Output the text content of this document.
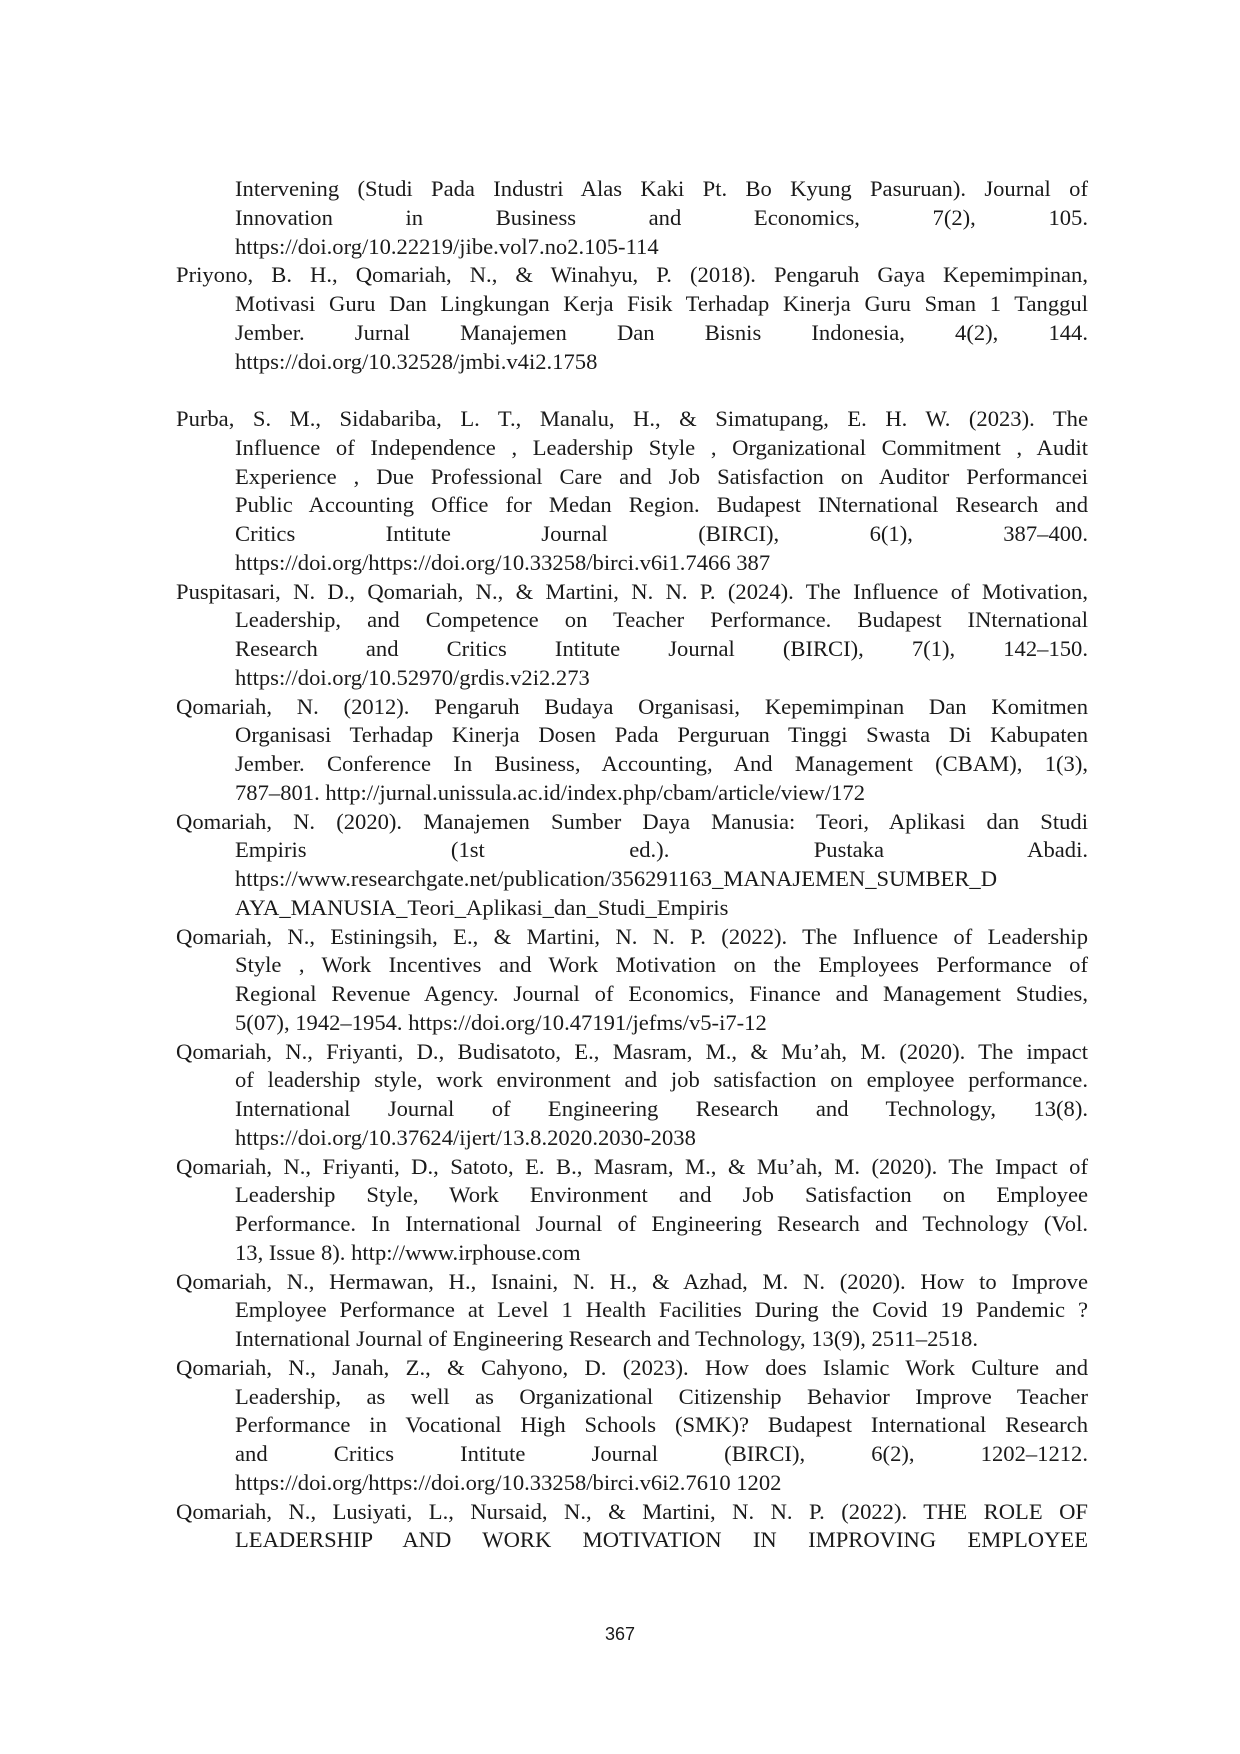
Intervening (Studi Pada Industri Alas Kaki Pt. Bo Kyung Pasuruan). Journal of
Innovation in Business and Economics, 7(2), 105.
https://doi.org/10.22219/jibe.vol7.no2.105-114
Priyono, B. H., Qomariah, N., & Winahyu, P. (2018). Pengaruh Gaya Kepemimpinan,
Motivasi Guru Dan Lingkungan Kerja Fisik Terhadap Kinerja Guru Sman 1 Tanggul
Jember. Jurnal Manajemen Dan Bisnis Indonesia, 4(2), 144.
https://doi.org/10.32528/jmbi.v4i2.1758
Purba, S. M., Sidabariba, L. T., Manalu, H., & Simatupang, E. H. W. (2023). The
Influence of Independence , Leadership Style , Organizational Commitment , Audit
Experience , Due Professional Care and Job Satisfaction on Auditor Performancei
Public Accounting Office for Medan Region. Budapest INternational Research and
Critics Intitute Journal (BIRCI), 6(1), 387–400.
https://doi.org/https://doi.org/10.33258/birci.v6i1.7466 387
Puspitasari, N. D., Qomariah, N., & Martini, N. N. P. (2024). The Influence of Motivation,
Leadership, and Competence on Teacher Performance. Budapest INternational
Research and Critics Intitute Journal (BIRCI), 7(1), 142–150.
https://doi.org/10.52970/grdis.v2i2.273
Qomariah, N. (2012). Pengaruh Budaya Organisasi, Kepemimpinan Dan Komitmen
Organisasi Terhadap Kinerja Dosen Pada Perguruan Tinggi Swasta Di Kabupaten
Jember. Conference In Business, Accounting, And Management (CBAM), 1(3),
787–801. http://jurnal.unissula.ac.id/index.php/cbam/article/view/172
Qomariah, N. (2020). Manajemen Sumber Daya Manusia: Teori, Aplikasi dan Studi
Empiris (1st ed.). Pustaka Abadi.
https://www.researchgate.net/publication/356291163_MANAJEMEN_SUMBER_D
AYA_MANUSIA_Teori_Aplikasi_dan_Studi_Empiris
Qomariah, N., Estiningsih, E., & Martini, N. N. P. (2022). The Influence of Leadership
Style , Work Incentives and Work Motivation on the Employees Performance of
Regional Revenue Agency. Journal of Economics, Finance and Management Studies,
5(07), 1942–1954. https://doi.org/10.47191/jefms/v5-i7-12
Qomariah, N., Friyanti, D., Budisatoto, E., Masram, M., & Mu’ah, M. (2020). The impact
of leadership style, work environment and job satisfaction on employee performance.
International Journal of Engineering Research and Technology, 13(8).
https://doi.org/10.37624/ijert/13.8.2020.2030-2038
Qomariah, N., Friyanti, D., Satoto, E. B., Masram, M., & Mu’ah, M. (2020). The Impact of
Leadership Style, Work Environment and Job Satisfaction on Employee
Performance. In International Journal of Engineering Research and Technology (Vol.
13, Issue 8). http://www.irphouse.com
Qomariah, N., Hermawan, H., Isnaini, N. H., & Azhad, M. N. (2020). How to Improve
Employee Performance at Level 1 Health Facilities During the Covid 19 Pandemic ?
International Journal of Engineering Research and Technology, 13(9), 2511–2518.
Qomariah, N., Janah, Z., & Cahyono, D. (2023). How does Islamic Work Culture and
Leadership, as well as Organizational Citizenship Behavior Improve Teacher
Performance in Vocational High Schools (SMK)? Budapest International Research
and Critics Intitute Journal (BIRCI), 6(2), 1202–1212.
https://doi.org/https://doi.org/10.33258/birci.v6i2.7610 1202
Qomariah, N., Lusiyati, L., Nursaid, N., & Martini, N. N. P. (2022). THE ROLE OF
LEADERSHIP AND WORK MOTIVATION IN IMPROVING EMPLOYEE
367
